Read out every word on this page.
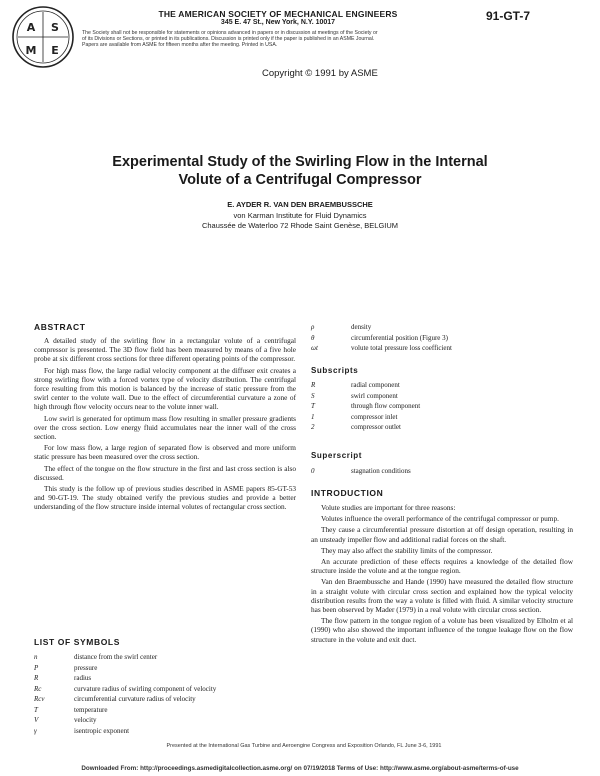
A S
M E
THE AMERICAN SOCIETY OF MECHANICAL ENGINEERS
345 E. 47 St., New York, N.Y. 10017	91-GT-7
The Society shall not be responsible for statements or opinions advanced in papers or in discussion at meetings of the Society or of its Divisions or Sections, or printed in its publications. Discussion is printed only if the paper is published in an ASME Journal. Papers are available from ASME for fifteen months after the meeting. Printed in USA.
Copyright © 1991 by ASME
Experimental Study of the Swirling Flow in the Internal
Volute of a Centrifugal Compressor
E. AYDER R. VAN DEN BRAEMBUSSCHE
von Karman Institute for Fluid Dynamics
Chaussée de Waterloo 72 Rhode Saint Genèse, BELGIUM
ABSTRACT

A detailed study of the swirling flow in a rectangular volute of a centrifugal compressor is presented. The 3D flow field has been measured by means of a five hole probe at six different cross sections for three different operating points of the compressor.

For high mass flow, the large radial velocity component at the diffuser exit creates a strong swirling flow with a forced vortex type of velocity distribution. The centrifugal force resulting from this motion is balanced by the increase of static pressure from the swirl center to the volute wall. Due to the effect of circumferential curvature a zone of high through flow velocity occurs near to the volute inner wall.

Low swirl is generated for optimum mass flow resulting in smaller pressure gradients over the cross section. Low energy fluid accumulates near the inner wall of the cross section.

For low mass flow, a large region of separated flow is observed and more uniform static pressure has been measured over the cross section.

The effect of the tongue on the flow structure in the first and last cross section is also discussed.

This study is the follow up of previous studies described in ASME papers 85-GT-53 and 90-GT-19. The study obtained verify the previous studies and provide a better understanding of the flow structure inside internal volutes of rectangular cross section.

LIST OF SYMBOLS
n	distance from the swirl center
P	pressure
R	radius
Rc	curvature radius of swirling component of velocity
Rcv	circumferential curvature radius of velocity
T	temperature
V	velocity
γ	isentropic exponent
ρ	density
θ	circumferential position (Figure 3)
ωt	volute total pressure loss coefficient
Subscripts
R	radial component
S	swirl component
T	through flow component
1	compressor inlet
2	compressor outlet
Superscript
0	stagnation conditions
INTRODUCTION

Volute studies are important for three reasons:

Volutes influence the overall performance of the centrifugal compressor or pump.

They cause a circumferential pressure distortion at off design operation, resulting in an unsteady impeller flow and additional radial forces on the shaft.

They may also affect the stability limits of the compressor.

An accurate prediction of these effects requires a knowledge of the detailed flow structure inside the volute and at the tongue region.

Van den Braembussche and Hande (1990) have measured the detailed flow structure in a straight volute with circular cross section and explained how the typical velocity distribution results from the way a volute is filled with fluid. A similar velocity structure has been observed by Mader (1979) in a real volute with circular cross section.

The flow pattern in the tongue region of a volute has been visualized by Elholm et al (1990) who also showed the important influence of the tongue leakage flow on the flow structure in the volute and exit duct.

Presented at the International Gas Turbine and Aeroengine Congress and Exposition Orlando, FL June 3-6, 1991
Downloaded From: http://proceedings.asmedigitalcollection.asme.org/ on 07/19/2018 Terms of Use: http://www.asme.org/about-asme/terms-of-use
